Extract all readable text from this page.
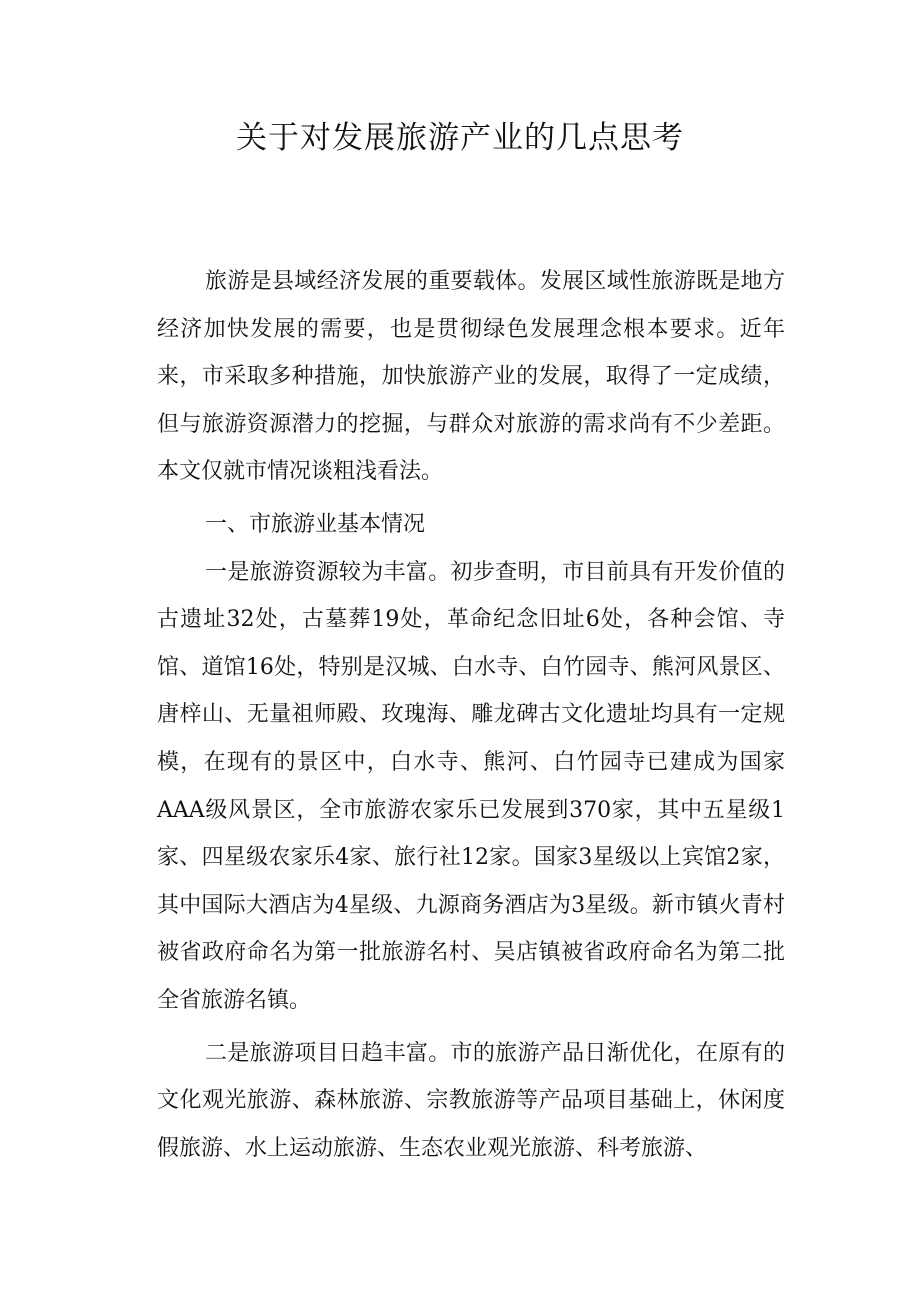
关于对发展旅游产业的几点思考

旅游是县域经济发展的重要载体。发展区域性旅游既是地方经济加快发展的需要，也是贯彻绿色发展理念根本要求。近年来，市采取多种措施，加快旅游产业的发展，取得了一定成绩，但与旅游资源潜力的挖掘，与群众对旅游的需求尚有不少差距。本文仅就市情况谈粗浅看法。

一、市旅游业基本情况

一是旅游资源较为丰富。初步查明，市目前具有开发价值的古遗址32处，古墓葬19处，革命纪念旧址6处，各种会馆、寺馆、道馆16处，特别是汉城、白水寺、白竹园寺、熊河风景区、唐梓山、无量祖师殿、玫瑰海、雕龙碑古文化遗址均具有一定规模，在现有的景区中，白水寺、熊河、白竹园寺已建成为国家AAA级风景区，全市旅游农家乐已发展到370家，其中五星级1家、四星级农家乐4家、旅行社12家。国家3星级以上宾馆2家，其中国际大酒店为4星级、九源商务酒店为3星级。新市镇火青村被省政府命名为第一批旅游名村、吴店镇被省政府命名为第二批全省旅游名镇。

二是旅游项目日趋丰富。市的旅游产品日渐优化，在原有的文化观光旅游、森林旅游、宗教旅游等产品项目基础上，休闲度假旅游、水上运动旅游、生态农业观光旅游、科考旅游、
